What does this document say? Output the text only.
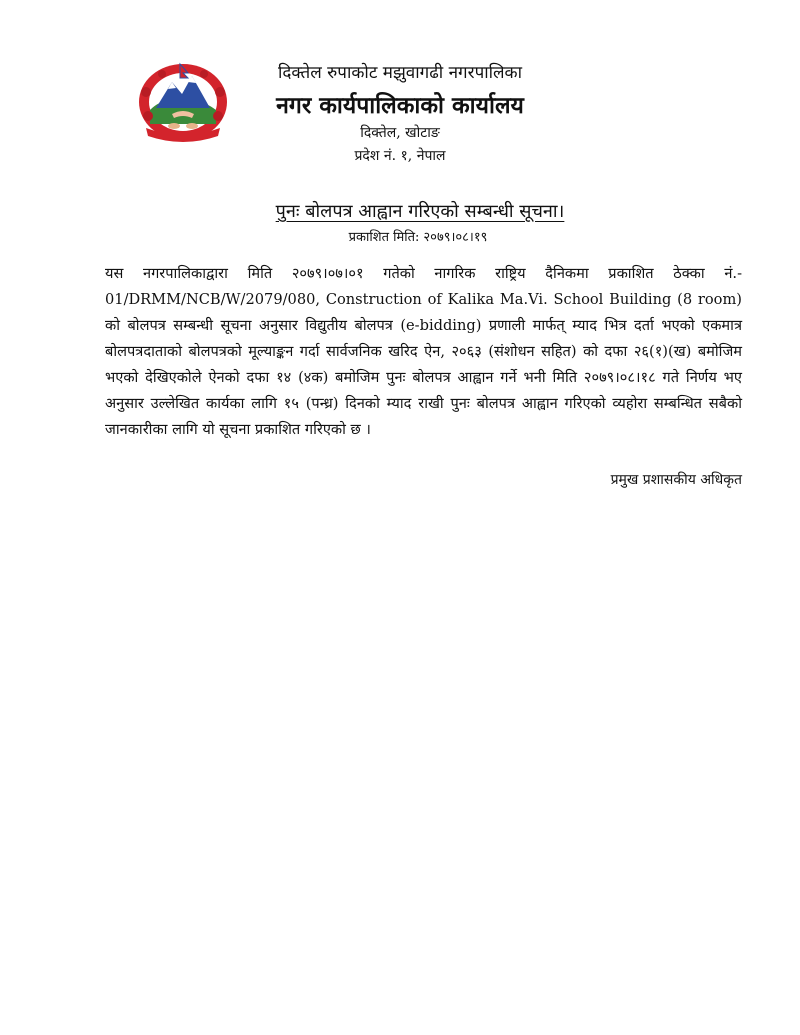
दिक्तेल रुपाकोट मझुवागढी नगरपालिका
नगर कार्यपालिकाको कार्यालय
दिक्तेल, खोटाङ
प्रदेश नं. १, नेपाल
पुनः बोलपत्र आह्वान गरिएको सम्बन्धी सूचना।
प्रकाशित मिति: २०७९।०८।१९
यस नगरपालिकाद्वारा मिति २०७९।०७।०१ गतेको नागरिक राष्ट्रिय दैनिकमा प्रकाशित ठेक्का नं.- 01/DRMM/NCB/W/2079/080, Construction of Kalika Ma.Vi. School Building (8 room) को बोलपत्र सम्बन्धी सूचना अनुसार विद्युतीय बोलपत्र (e-bidding) प्रणाली मार्फत् म्याद भित्र दर्ता भएको एकमात्र बोलपत्रदाताको बोलपत्रको मूल्याङ्कन गर्दा सार्वजनिक खरिद ऐन, २०६३ (संशोधन सहित) को दफा २६(१)(ख) बमोजिम भएको देखिएकोले ऐनको दफा १४ (४क) बमोजिम पुनः बोलपत्र आह्वान गर्ने भनी मिति २०७९।०८।१८ गते निर्णय भए अनुसार उल्लेखित कार्यका लागि १५ (पन्ध्र) दिनको म्याद राखी पुनः बोलपत्र आह्वान गरिएको व्यहोरा सम्बन्धित सबैको जानकारीका लागि यो सूचना प्रकाशित गरिएको छ ।
प्रमुख प्रशासकीय अधिकृत
